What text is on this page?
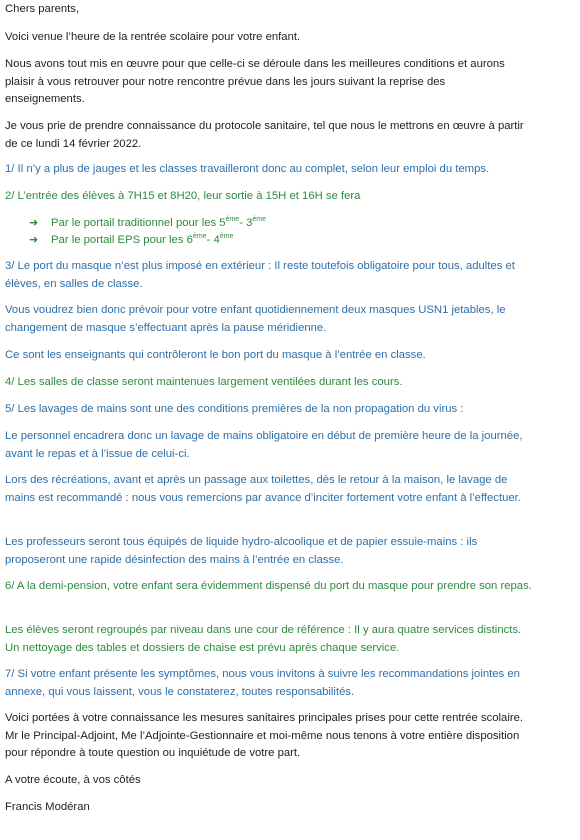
Chers parents,

Voici venue l’heure de la rentrée scolaire pour votre enfant.

Nous avons tout mis en œuvre pour que celle-ci se déroule dans les meilleures conditions et aurons plaisir à vous retrouver pour notre rencontre prévue dans les jours suivant la reprise des enseignements.

Je vous prie de prendre connaissance du protocole sanitaire, tel que nous le mettrons en œuvre à partir de ce lundi 14 février 2022.

1/ Il n’y a plus de jauges et les classes travailleront donc au complet, selon leur emploi du temps.

2/ L’entrée des élèves à 7H15 et 8H20, leur sortie à 15H et 16H se fera

➜ Par le portail traditionnel pour les 5ème- 3ème

➜ Par le portail EPS pour les 6ème- 4ème

3/ Le port du masque n’est plus imposé en extérieur : Il reste toutefois obligatoire pour tous, adultes et élèves, en salles de classe.

Vous voudrez bien donc prévoir pour votre enfant quotidiennement deux masques USN1 jetables, le changement de masque s’effectuant après la pause méridienne.

Ce sont les enseignants qui contrôleront le bon port du masque à l’entrée en classe.

4/ Les salles de classe seront maintenues largement ventilées durant les cours.

5/ Les lavages de mains sont une des conditions premières de la non propagation du virus :

Le personnel encadrera donc un lavage de mains obligatoire en début de première heure de la journée, avant le repas et à l’issue de celui-ci.

Lors des récréations, avant et après un passage aux toilettes, dès le retour à la maison, le lavage de mains est recommandé : nous vous remercions par avance d’inciter fortement votre enfant à l’effectuer.

Les professeurs seront tous équipés de liquide hydro-alcoolique et de papier essuie-mains : ils proposeront une rapide désinfection des mains à l’entrée en classe.

6/ A la demi-pension, votre enfant sera évidemment dispensé du port du masque pour prendre son repas.

Les élèves seront regroupés par niveau dans une cour de référence : Il y aura quatre services distincts. Un nettoyage des tables et dossiers de chaise est prévu après chaque service.

7/ Si votre enfant présente les symptômes, nous vous invitons à suivre les recommandations jointes en annexe, qui vous laissent, vous le constaterez, toutes responsabilités.

Voici portées à votre connaissance les mesures sanitaires principales prises pour cette rentrée scolaire. Mr le Principal-Adjoint, Me l’Adjointe-Gestionnaire et moi-même nous tenons à votre entière disposition pour répondre à toute question ou inquiétude de votre part.

A votre écoute, à vos côtés

Francis Modéran
